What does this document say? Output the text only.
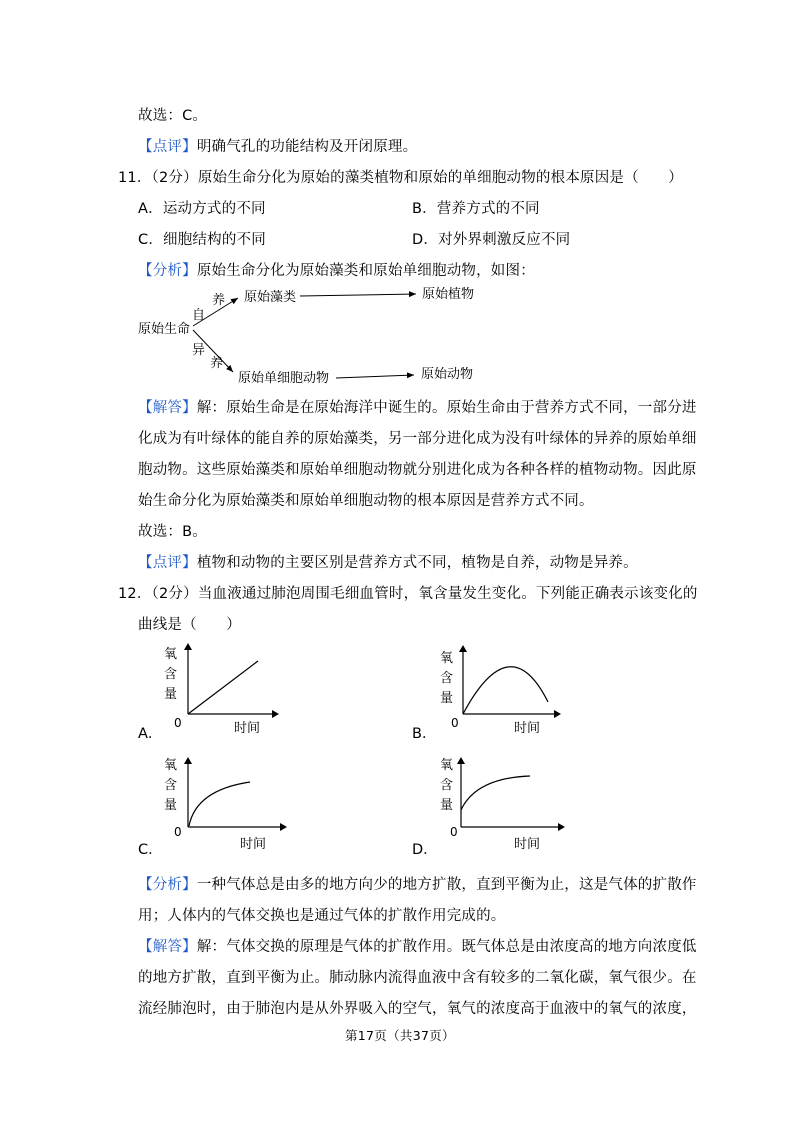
故选：C。
【点评】明确气孔的功能结构及开闭原理。
11．（2分）原始生命分化为原始的藻类植物和原始的单细胞动物的根本原因是（　　）
A．运动方式的不同	B．营养方式的不同
C．细胞结构的不同	D．对外界刺激反应不同
【分析】原始生命分化为原始藻类和原始单细胞动物，如图：
原始生命
养
自
异
养
原始藻类	原始植物
原始单细胞动物	原始动物
【解答】解：原始生命是在原始海洋中诞生的。原始生命由于营养方式不同，一部分进
化成为有叶绿体的能自养的原始藻类，另一部分进化成为没有叶绿体的异养的原始单细
胞动物。这些原始藻类和原始单细胞动物就分别进化成为各种各样的植物动物。因此原
始生命分化为原始藻类和原始单细胞动物的根本原因是营养方式不同。
故选：B。
【点评】植物和动物的主要区别是营养方式不同，植物是自养，动物是异养。
12．（2分）当血液通过肺泡周围毛细血管时，氧含量发生变化。下列能正确表示该变化的
曲线是（　　）
氧
含
量
0	时间
A．
氧
含
量
0	时间
B．
氧
含
量
0
时间
C．
氧
含
量
0
时间
D．
【分析】一种气体总是由多的地方向少的地方扩散，直到平衡为止，这是气体的扩散作
用；人体内的气体交换也是通过气体的扩散作用完成的。
【解答】解：气体交换的原理是气体的扩散作用。既气体总是由浓度高的地方向浓度低
的地方扩散，直到平衡为止。肺动脉内流得血液中含有较多的二氧化碳，氧气很少。在
流经肺泡时，由于肺泡内是从外界吸入的空气，氧气的浓度高于血液中的氧气的浓度，
第17页（共37页）
